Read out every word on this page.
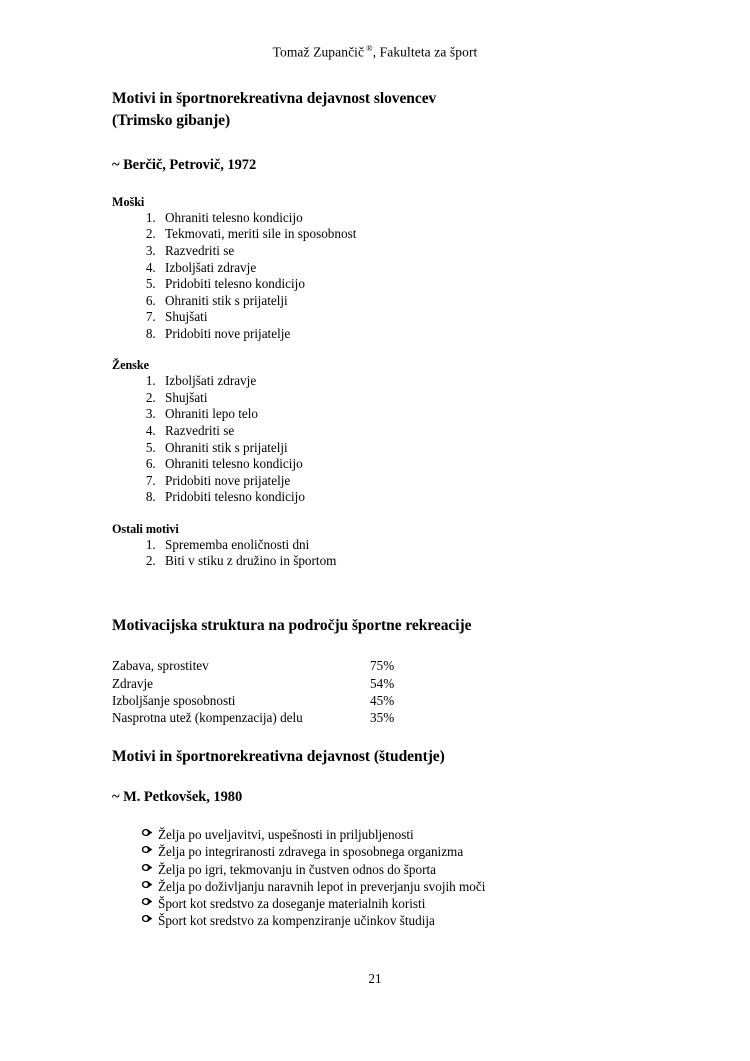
Tomaž Zupančič ®, Fakulteta za šport
Motivi in športnorekreativna dejavnost slovencev
(Trimsko gibanje)

~ Berčič, Petrovič, 1972

Moški
1. Ohraniti telesno kondicijo
2. Tekmovati, meriti sile in sposobnost
3. Razvedriti se
4. Izboljšati zdravje
5. Pridobiti telesno kondicijo
6. Ohraniti stik s prijatelji
7. Shujšati
8. Pridobiti nove prijatelje
Ženske
1. Izboljšati zdravje
2. Shujšati
3. Ohraniti lepo telo
4. Razvedriti se
5. Ohraniti stik s prijatelji
6. Ohraniti telesno kondicijo
7. Pridobiti nove prijatelje
8. Pridobiti telesno kondicijo
Ostali motivi
1. Sprememba enoličnosti dni
2. Biti v stiku z družino in športom
Motivacijska struktura na področju športne rekreacije
Zabava, sprostitev	75%
Zdravje	54%
Izboljšanje sposobnosti	45%
Nasprotna utež (kompenzacija) delu	35%
Motivi in športnorekreativna dejavnost (študentje)

~ M. Petkovšek, 1980

Želja po uveljavitvi, uspešnosti in priljubljenosti
Želja po integriranosti zdravega in sposobnega organizma
Želja po igri, tekmovanju in čustven odnos do športa
Želja po doživljanju naravnih lepot in preverjanju svojih moči
Šport kot sredstvo za doseganje materialnih koristi
Šport kot sredstvo za kompenziranje učinkov študija
21
